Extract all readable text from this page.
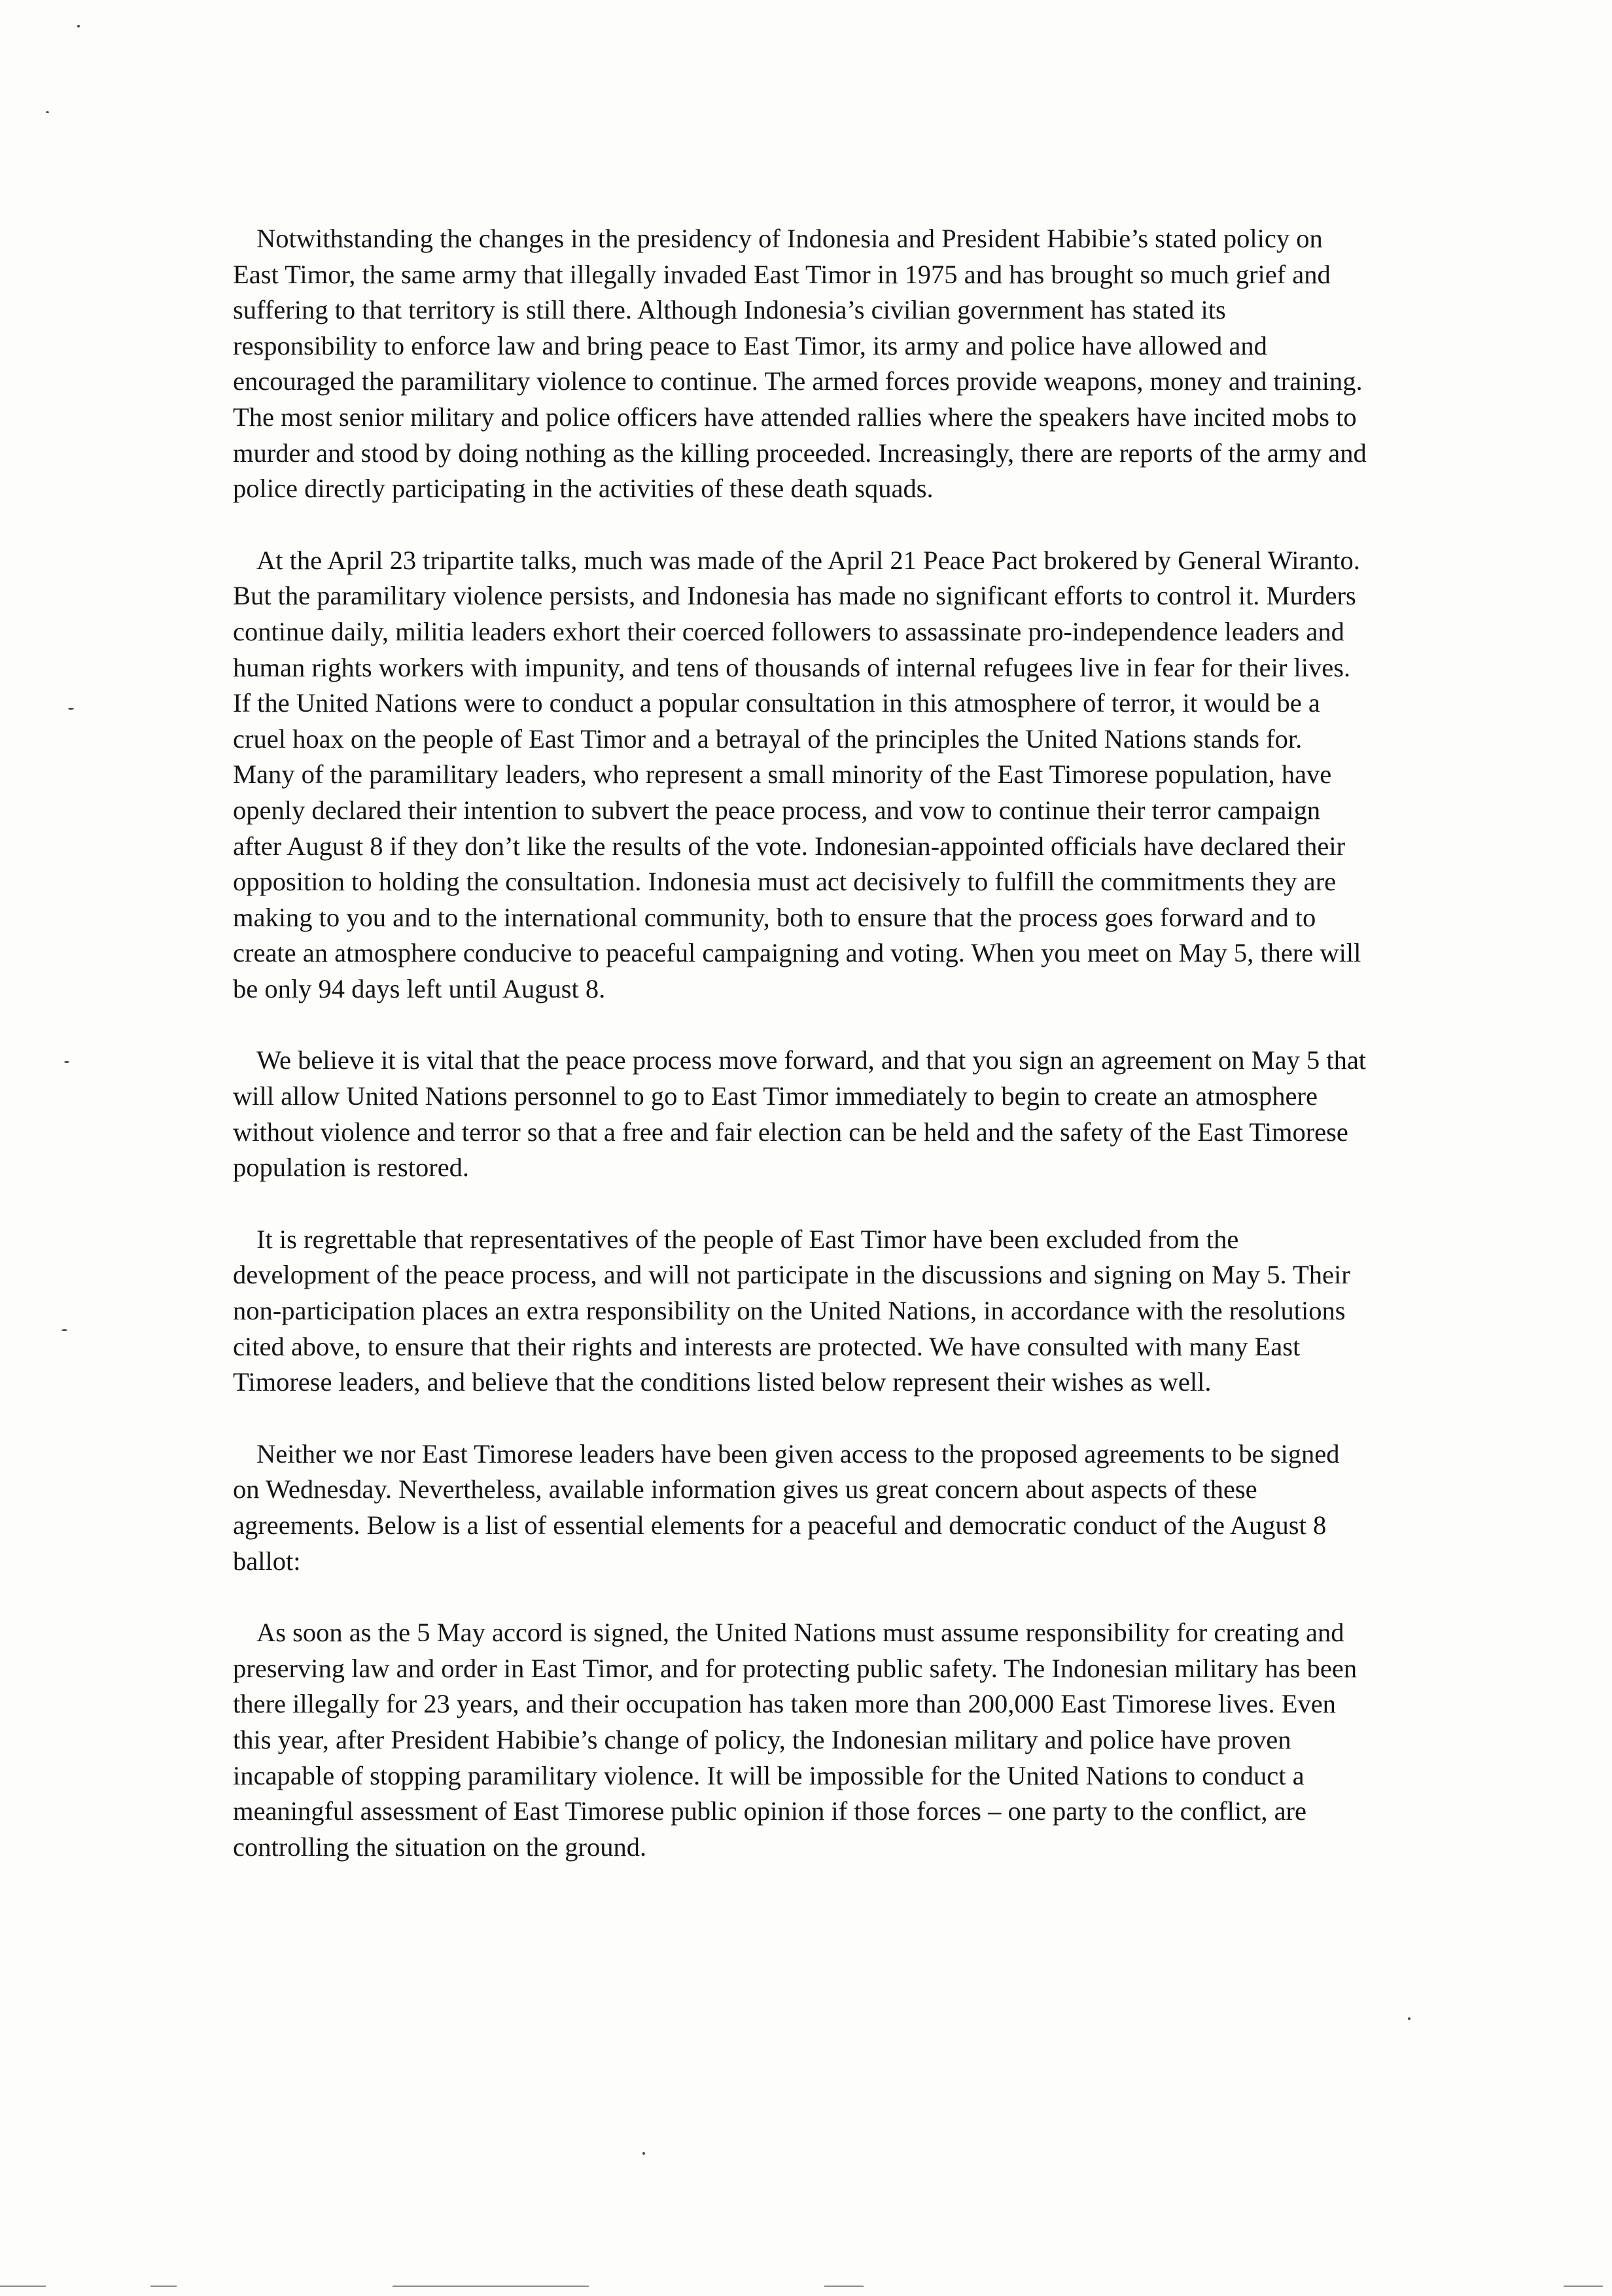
Notwithstanding the changes in the presidency of Indonesia and President Habibie’s stated policy on East Timor, the same army that illegally invaded East Timor in 1975 and has brought so much grief and suffering to that territory is still there. Although Indonesia’s civilian government has stated its responsibility to enforce law and bring peace to East Timor, its army and police have allowed and encouraged the paramilitary violence to continue. The armed forces provide weapons, money and training. The most senior military and police officers have attended rallies where the speakers have incited mobs to murder and stood by doing nothing as the killing proceeded. Increasingly, there are reports of the army and police directly participating in the activities of these death squads.

At the April 23 tripartite talks, much was made of the April 21 Peace Pact brokered by General Wiranto. But the paramilitary violence persists, and Indonesia has made no significant efforts to control it. Murders continue daily, militia leaders exhort their coerced followers to assassinate pro-independence leaders and human rights workers with impunity, and tens of thousands of internal refugees live in fear for their lives. If the United Nations were to conduct a popular consultation in this atmosphere of terror, it would be a cruel hoax on the people of East Timor and a betrayal of the principles the United Nations stands for. Many of the paramilitary leaders, who represent a small minority of the East Timorese population, have openly declared their intention to subvert the peace process, and vow to continue their terror campaign after August 8 if they don’t like the results of the vote. Indonesian-appointed officials have declared their opposition to holding the consultation. Indonesia must act decisively to fulfill the commitments they are making to you and to the international community, both to ensure that the process goes forward and to create an atmosphere conducive to peaceful campaigning and voting. When you meet on May 5, there will be only 94 days left until August 8.

We believe it is vital that the peace process move forward, and that you sign an agreement on May 5 that will allow United Nations personnel to go to East Timor immediately to begin to create an atmosphere without violence and terror so that a free and fair election can be held and the safety of the East Timorese population is restored.

It is regrettable that representatives of the people of East Timor have been excluded from the development of the peace process, and will not participate in the discussions and signing on May 5. Their non-participation places an extra responsibility on the United Nations, in accordance with the resolutions cited above, to ensure that their rights and interests are protected. We have consulted with many East Timorese leaders, and believe that the conditions listed below represent their wishes as well.

Neither we nor East Timorese leaders have been given access to the proposed agreements to be signed on Wednesday. Nevertheless, available information gives us great concern about aspects of these agreements. Below is a list of essential elements for a peaceful and democratic conduct of the August 8 ballot:

As soon as the 5 May accord is signed, the United Nations must assume responsibility for creating and preserving law and order in East Timor, and for protecting public safety. The Indonesian military has been there illegally for 23 years, and their occupation has taken more than 200,000 East Timorese lives. Even this year, after President Habibie’s change of policy, the Indonesian military and police have proven incapable of stopping paramilitary violence. It will be impossible for the United Nations to conduct a meaningful assessment of East Timorese public opinion if those forces – one party to the conflict, are controlling the situation on the ground.
